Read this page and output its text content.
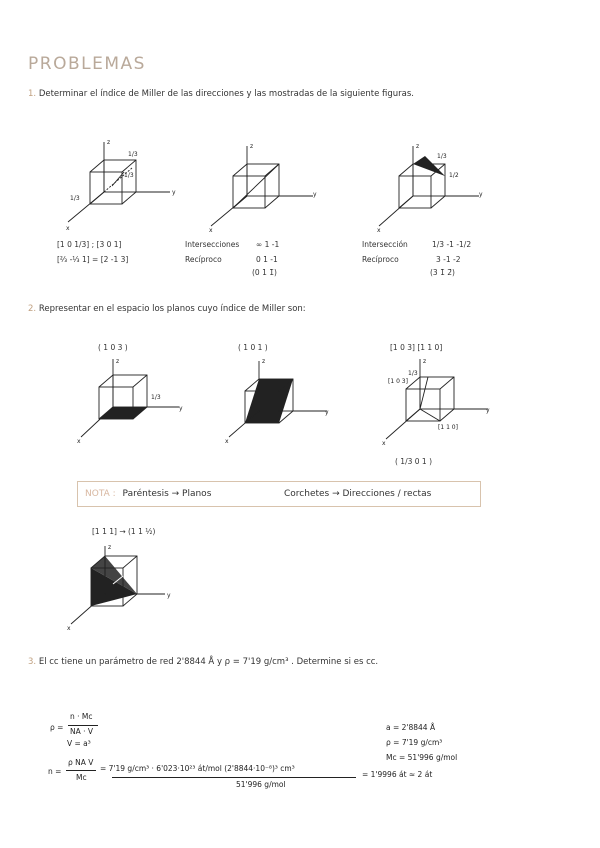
PROBLEMAS
1. Determinar el índice de Miller de las direcciones y las mostradas de la siguiente figuras.
z
y
x
1/3
1/3
1/3
z
y
x
z
y
x
1/3
1/2
[1 0 1/3] ; [3 0 1]
[⅔ -⅓ 1] = [2 -1 3]
Intersecciones ∞ 1 -1
Recíproco	0 1 -1
(0 1 1̄)
Intersección	1/3 -1 -1/2
Recíproco	3 -1 -2
(3 1̄ 2̄)
2. Representar en el espacio los planos cuyo índice de Miller son:
( 1 0 3 )	( 1 0 1 )	[1 0 3] [1 1 0]
z
y
x
1/3
z
y
x
z
y
x
1/3
[1 0 3]
[1 1 0]
( 1/3 0 1 )
NOTA : Paréntesis → Planos	Corchetes → Direcciones / rectas
[1 1 1] → (1 1 ½)
z
y
x
3. El cc tiene un parámetro de red 2'8844 Å y ρ = 7'19 g/cm³ . Determine si es cc.
ρ =
n · Mc
NA · V
V = a³
a = 2'8844 Å
ρ = 7'19 g/cm³
Mc = 51'996 g/mol
n =
ρ NA V
Mc
= 7'19 g/cm³ · 6'023·10²³ át/mol (2'8844·10⁻⁸)³ cm³
51'996 g/mol
= 1'9996 át ≈ 2 át
